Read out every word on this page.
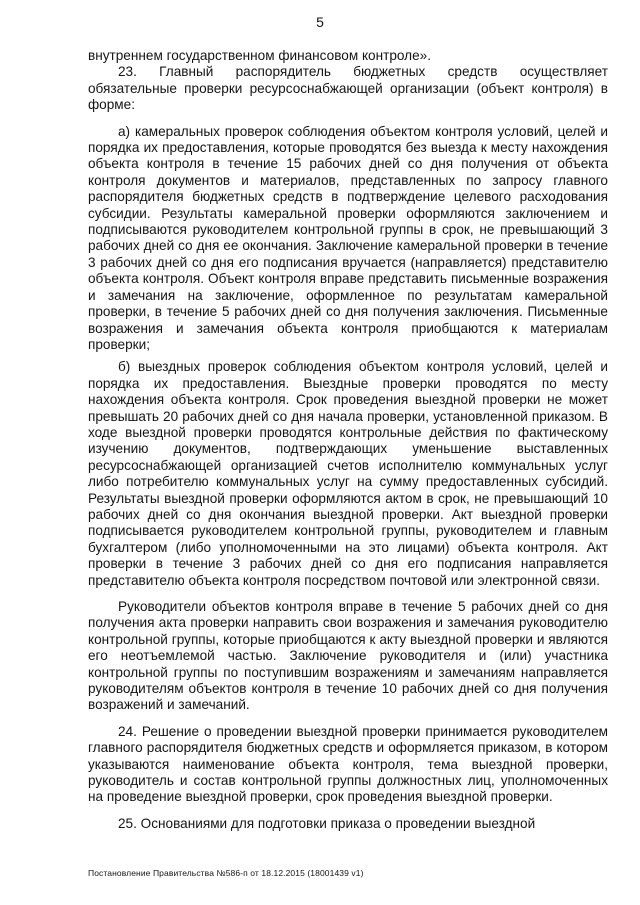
5

внутреннем государственном финансовом контроле».

23. Главный распорядитель бюджетных средств осуществляет обязательные проверки ресурсоснабжающей организации (объект контроля) в форме:

а) камеральных проверок соблюдения объектом контроля условий, целей и порядка их предоставления, которые проводятся без выезда к месту нахождения объекта контроля в течение 15 рабочих дней со дня получения от объекта контроля документов и материалов, представленных по запросу главного распорядителя бюджетных средств в подтверждение целевого расходования субсидии. Результаты камеральной проверки оформляются заключением и подписываются руководителем контрольной группы в срок, не превышающий 3 рабочих дней со дня ее окончания. Заключение камеральной проверки в течение 3 рабочих дней со дня его подписания вручается (направляется) представителю объекта контроля. Объект контроля вправе представить письменные возражения и замечания на заключение, оформленное по результатам камеральной проверки, в течение 5 рабочих дней со дня получения заключения. Письменные возражения и замечания объекта контроля приобщаются к материалам проверки;

б) выездных проверок соблюдения объектом контроля условий, целей и порядка их предоставления. Выездные проверки проводятся по месту нахождения объекта контроля. Срок проведения выездной проверки не может превышать 20 рабочих дней со дня начала проверки, установленной приказом. В ходе выездной проверки проводятся контрольные действия по фактическому изучению документов, подтверждающих уменьшение выставленных ресурсоснабжающей организацией счетов исполнителю коммунальных услуг либо потребителю коммунальных услуг на сумму предоставленных субсидий. Результаты выездной проверки оформляются актом в срок, не превышающий 10 рабочих дней со дня окончания выездной проверки. Акт выездной проверки подписывается руководителем контрольной группы, руководителем и главным бухгалтером (либо уполномоченными на это лицами) объекта контроля. Акт проверки в течение 3 рабочих дней со дня его подписания направляется представителю объекта контроля посредством почтовой или электронной связи.

Руководители объектов контроля вправе в течение 5 рабочих дней со дня получения акта проверки направить свои возражения и замечания руководителю контрольной группы, которые приобщаются к акту выездной проверки и являются его неотъемлемой частью. Заключение руководителя и (или) участника контрольной группы по поступившим возражениям и замечаниям направляется руководителям объектов контроля в течение 10 рабочих дней со дня получения возражений и замечаний.

24. Решение о проведении выездной проверки принимается руководителем главного распорядителя бюджетных средств и оформляется приказом, в котором указываются наименование объекта контроля, тема выездной проверки, руководитель и состав контрольной группы должностных лиц, уполномоченных на проведение выездной проверки, срок проведения выездной проверки.

25. Основаниями для подготовки приказа о проведении выездной

Постановление Правительства №586-п от 18.12.2015 (18001439 v1)
